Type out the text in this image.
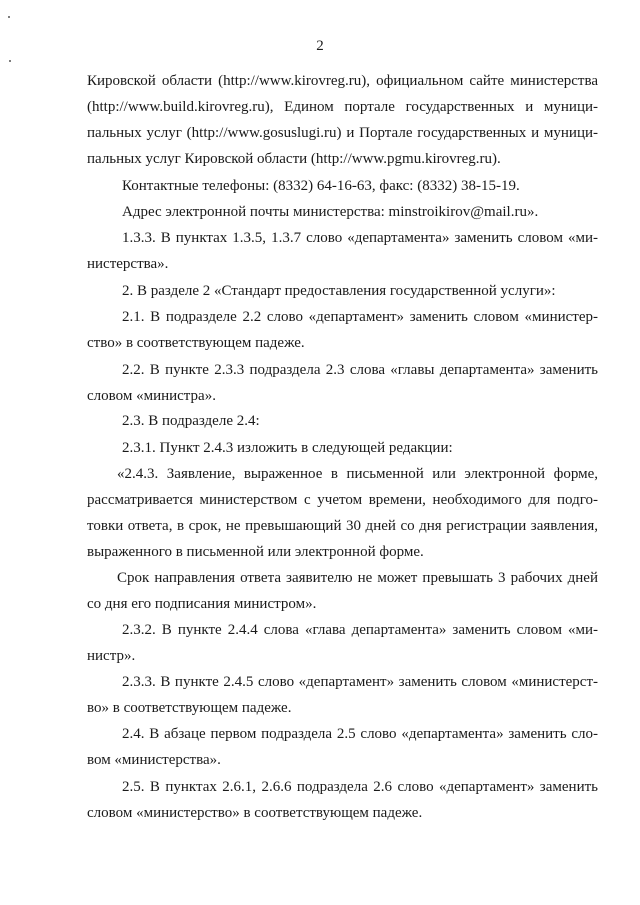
2
Кировской области (http://www.kirovreg.ru), официальном сайте министерства
(http://www.build.kirovreg.ru), Едином портале государственных и муници-
пальных услуг (http://www.gosuslugi.ru) и Портале государственных и муници-
пальных услуг Кировской области (http://www.pgmu.kirovreg.ru).
Контактные телефоны: (8332) 64-16-63, факс: (8332) 38-15-19.
Адрес электронной почты министерства: minstroikirov@mail.ru».
1.3.3. В пунктах 1.3.5, 1.3.7 слово «департамента» заменить словом «ми-
нистерства».
2. В разделе 2 «Стандарт предоставления государственной услуги»:
2.1. В подразделе 2.2 слово «департамент» заменить словом «министер-
ство» в соответствующем падеже.
2.2. В пункте 2.3.3 подраздела 2.3 слова «главы департамента» заменить
словом «министра».
2.3. В подразделе 2.4:
2.3.1. Пункт 2.4.3 изложить в следующей редакции:
«2.4.3. Заявление, выраженное в письменной или электронной форме,
рассматривается министерством с учетом времени, необходимого для подго-
товки ответа, в срок, не превышающий 30 дней со дня регистрации заявления,
выраженного в письменной или электронной форме.
Срок направления ответа заявителю не может превышать 3 рабочих дней
со дня его подписания министром».
2.3.2. В пункте 2.4.4 слова «глава департамента» заменить словом «ми-
нистр».
2.3.3. В пункте 2.4.5 слово «департамент» заменить словом «министерст-
во» в соответствующем падеже.
2.4. В абзаце первом подраздела 2.5 слово «департамента» заменить сло-
вом «министерства».
2.5. В пунктах 2.6.1, 2.6.6 подраздела 2.6 слово «департамент» заменить
словом «министерство» в соответствующем падеже.
